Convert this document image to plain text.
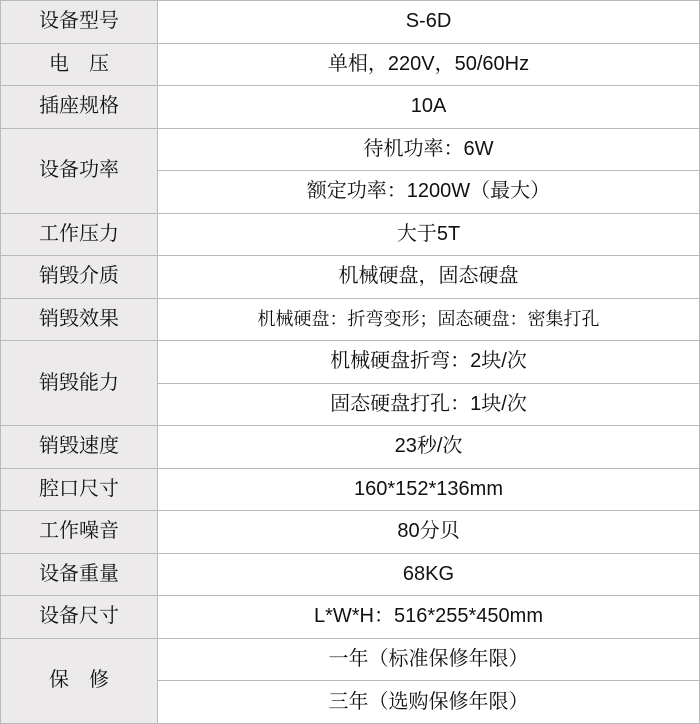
设备型号	S-6D
电　压	单相，220V，50/60Hz
插座规格	10A
设备功率	待机功率：6W
	额定功率：1200W（最大）
工作压力	大于5T
销毁介质	机械硬盘，固态硬盘
销毁效果	机械硬盘：折弯变形；固态硬盘：密集打孔
销毁能力	机械硬盘折弯：2块/次
	固态硬盘打孔：1块/次
销毁速度	23秒/次
腔口尺寸	160*152*136mm
工作噪音	80分贝
设备重量	68KG
设备尺寸	L*W*H：516*255*450mm
保　修	一年（标准保修年限）
	三年（选购保修年限）
